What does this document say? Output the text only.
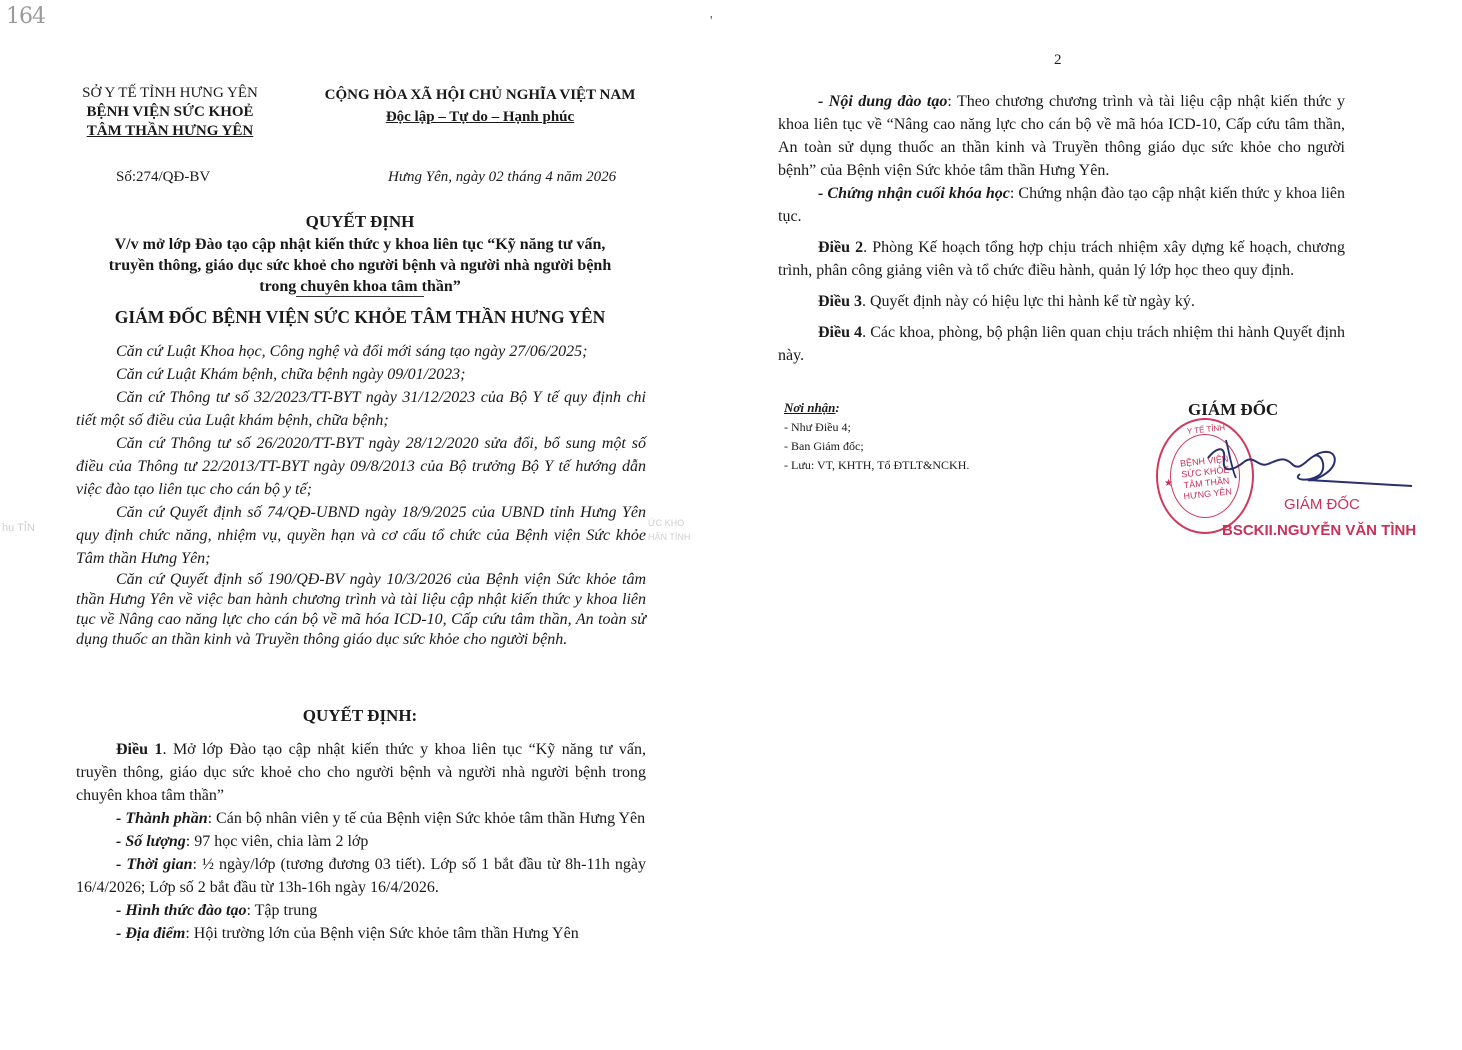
164	'
hụ TỈN	ỨC KHO
HẬN TÍNH
SỞ Y TẾ TỈNH HƯNG YÊN
BỆNH VIỆN SỨC KHOẺ
TÂM THẦN HƯNG YÊN
CỘNG HÒA XÃ HỘI CHỦ NGHĨA VIỆT NAM
Độc lập – Tự do – Hạnh phúc
Số:274/QĐ-BV	Hưng Yên, ngày 02 tháng 4 năm 2026
QUYẾT ĐỊNH
V/v mở lớp Đào tạo cập nhật kiến thức y khoa liên tục “Kỹ năng tư vấn,
truyền thông, giáo dục sức khoẻ cho người bệnh và người nhà người bệnh
trong chuyên khoa tâm thần”
GIÁM ĐỐC BỆNH VIỆN SỨC KHỎE TÂM THẦN HƯNG YÊN

Căn cứ Luật Khoa học, Công nghệ và đổi mới sáng tạo ngày 27/06/2025;

Căn cứ Luật Khám bệnh, chữa bệnh ngày 09/01/2023;

Căn cứ Thông tư số 32/2023/TT-BYT ngày 31/12/2023 của Bộ Y tế quy định chi tiết một số điều của Luật khám bệnh, chữa bệnh;

Căn cứ Thông tư số 26/2020/TT-BYT ngày 28/12/2020 sửa đổi, bổ sung một số điều của Thông tư 22/2013/TT-BYT ngày 09/8/2013 của Bộ trưởng Bộ Y tế hướng dẫn việc đào tạo liên tục cho cán bộ y tế;

Căn cứ Quyết định số 74/QĐ-UBND ngày 18/9/2025 của UBND tỉnh Hưng Yên quy định chức năng, nhiệm vụ, quyền hạn và cơ cấu tổ chức của Bệnh viện Sức khỏe Tâm thần Hưng Yên;

Căn cứ Quyết định số 190/QĐ-BV ngày 10/3/2026 của Bệnh viện Sức khỏe tâm thần Hưng Yên về việc ban hành chương trình và tài liệu cập nhật kiến thức y khoa liên tục về Nâng cao năng lực cho cán bộ về mã hóa ICD-10, Cấp cứu tâm thần, An toàn sử dụng thuốc an thần kinh và Truyền thông giáo dục sức khỏe cho người bệnh.

QUYẾT ĐỊNH:

Điều 1. Mở lớp Đào tạo cập nhật kiến thức y khoa liên tục “Kỹ năng tư vấn, truyền thông, giáo dục sức khoẻ cho cho người bệnh và người nhà người bệnh trong chuyên khoa tâm thần”

- Thành phần: Cán bộ nhân viên y tế của Bệnh viện Sức khỏe tâm thần Hưng Yên

- Số lượng: 97 học viên, chia làm 2 lớp

- Thời gian: ½ ngày/lớp (tương đương 03 tiết). Lớp số 1 bắt đầu từ 8h-11h ngày 16/4/2026; Lớp số 2 bắt đầu từ 13h-16h ngày 16/4/2026.

- Hình thức đào tạo: Tập trung

- Địa điểm: Hội trường lớn của Bệnh viện Sức khỏe tâm thần Hưng Yên

2

- Nội dung đào tạo: Theo chương chương trình và tài liệu cập nhật kiến thức y khoa liên tục về “Nâng cao năng lực cho cán bộ về mã hóa ICD-10, Cấp cứu tâm thần, An toàn sử dụng thuốc an thần kinh và Truyền thông giáo dục sức khỏe cho người bệnh” của Bệnh viện Sức khỏe tâm thần Hưng Yên.

- Chứng nhận cuối khóa học: Chứng nhận đào tạo cập nhật kiến thức y khoa liên tục.

Điều 2. Phòng Kế hoạch tổng hợp chịu trách nhiệm xây dựng kế hoạch, chương trình, phân công giảng viên và tổ chức điều hành, quản lý lớp học theo quy định.

Điều 3. Quyết định này có hiệu lực thi hành kể từ ngày ký.

Điều 4. Các khoa, phòng, bộ phận liên quan chịu trách nhiệm thi hành Quyết định này.

Nơi nhận:
- Như Điều 4;
- Ban Giám đốc;
- Lưu: VT, KHTH, Tổ ĐTLT&NCKH.
GIÁM ĐỐC
Y TẾ TỈNH
BỆNH VIỆN SỨC KHỎE TÂM THẦN HƯNG YÊN
★
GIÁM ĐỐC
BSCKII.NGUYỄN VĂN TÌNH
